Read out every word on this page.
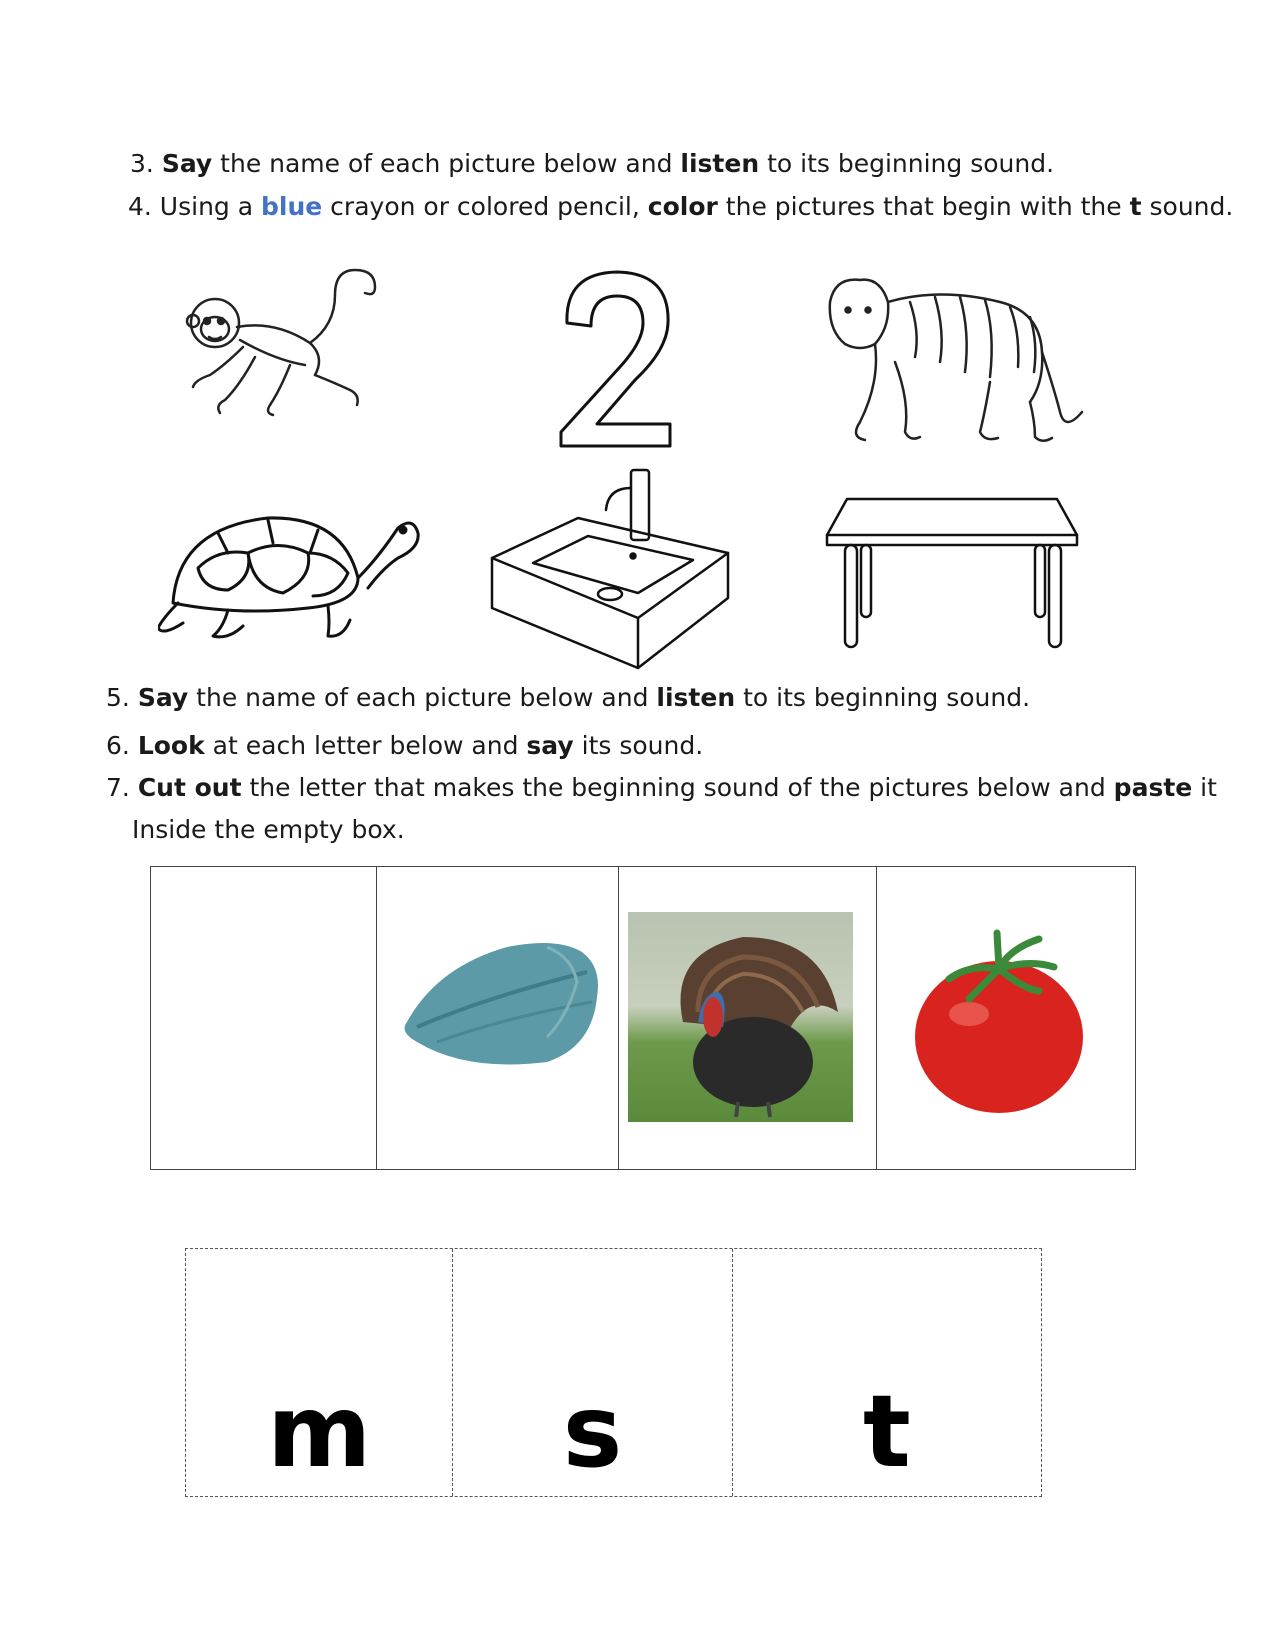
3. Say the name of each picture below and listen to its beginning sound.
4. Using a blue crayon or colored pencil, color the pictures that begin with the t sound.
5. Say the name of each picture below and listen to its beginning sound.
6. Look at each letter below and say its sound.
7. Cut out the letter that makes the beginning sound of the pictures below and paste it
Inside the empty box.
m	s	t
